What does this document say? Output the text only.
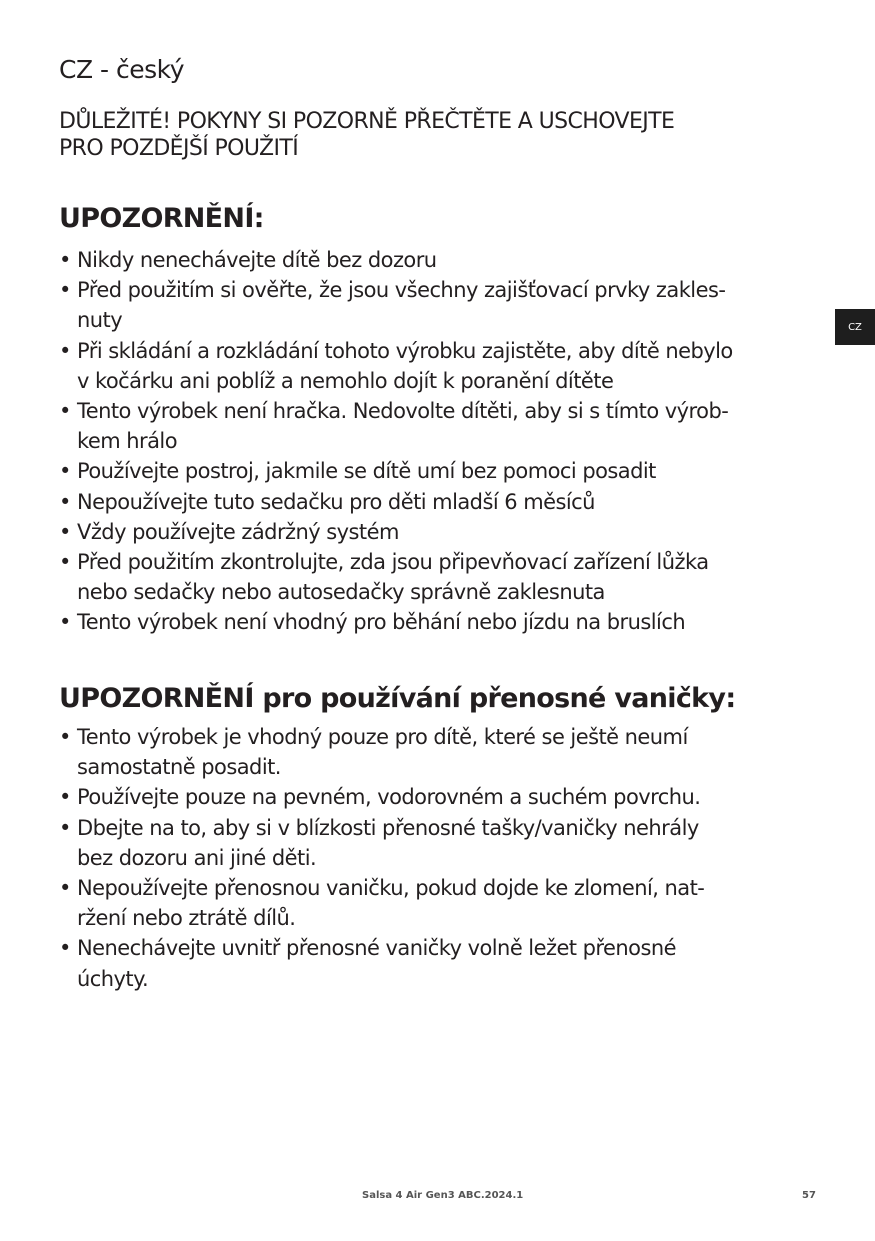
CZ - český
DŮLEŽITÉ! POKYNY SI POZORNĚ PŘEČTĚTE A USCHOVEJTE
PRO POZDĚJŠÍ POUŽITÍ
UPOZORNĚNÍ:
• Nikdy nenechávejte dítě bez dozoru
• Před použitím si ověřte, že jsou všechny zajišťovací prvky zakles-
nuty
• Při skládání a rozkládání tohoto výrobku zajistěte, aby dítě nebylo
v kočárku ani poblíž a nemohlo dojít k poranění dítěte
• Tento výrobek není hračka. Nedovolte dítěti, aby si s tímto výrob-
kem hrálo
• Používejte postroj, jakmile se dítě umí bez pomoci posadit
• Nepoužívejte tuto sedačku pro děti mladší 6 měsíců
• Vždy používejte zádržný systém
• Před použitím zkontrolujte, zda jsou připevňovací zařízení lůžka
nebo sedačky nebo autosedačky správně zaklesnuta
• Tento výrobek není vhodný pro běhání nebo jízdu na bruslích
UPOZORNĚNÍ pro používání přenosné vaničky:
• Tento výrobek je vhodný pouze pro dítě, které se ještě neumí
samostatně posadit.
• Používejte pouze na pevném, vodorovném a suchém povrchu.
• Dbejte na to, aby si v blízkosti přenosné tašky/vaničky nehrály
bez dozoru ani jiné děti.
• Nepoužívejte přenosnou vaničku, pokud dojde ke zlomení, nat-
ržení nebo ztrátě dílů.
• Nenechávejte uvnitř přenosné vaničky volně ležet přenosné
úchyty.
CZ
Salsa 4 Air Gen3 ABC.2024.1	57
